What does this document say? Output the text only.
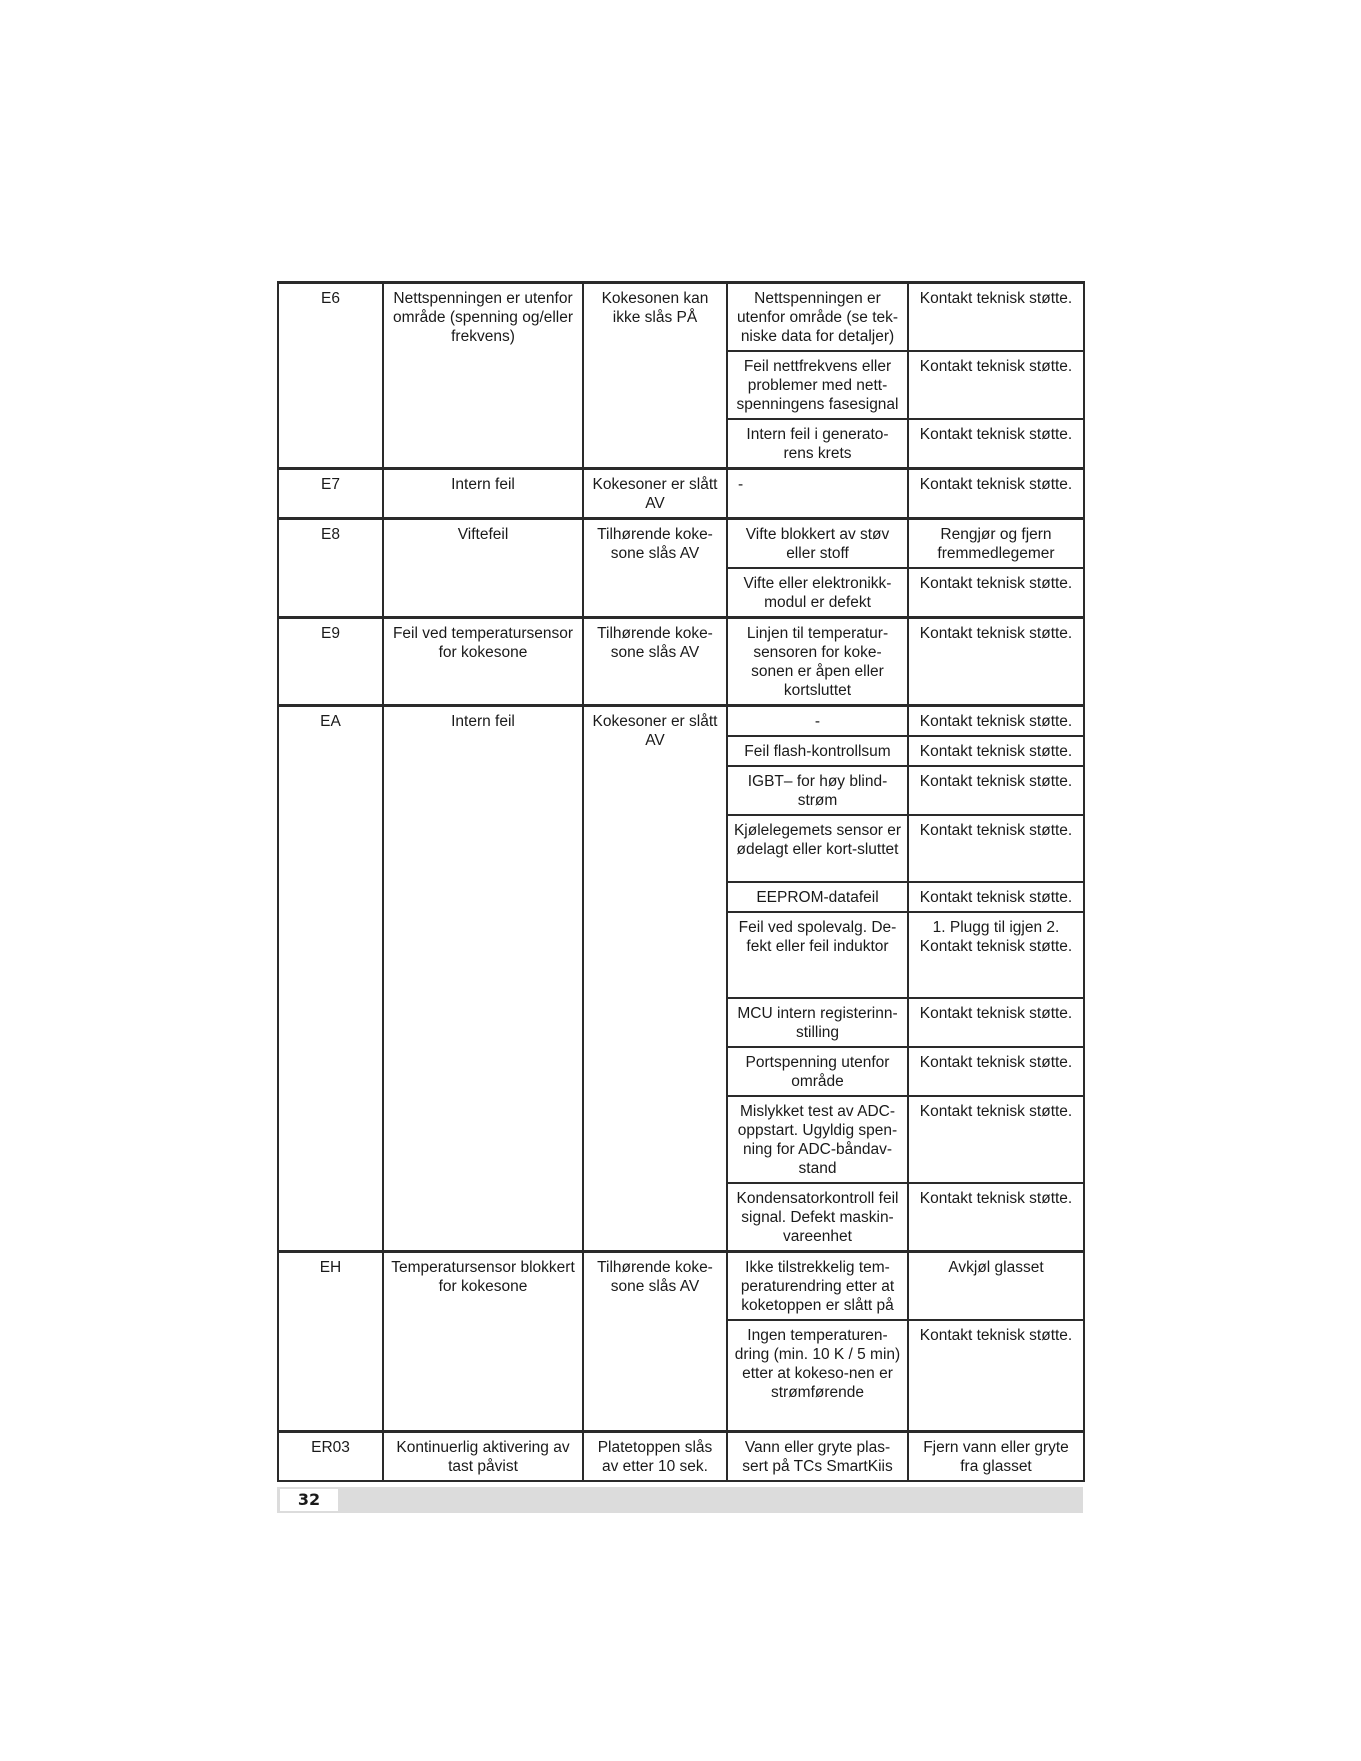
E6	Nettspenningen er utenfor område (spenning og/eller frekvens)	Kokesonen kan ikke slås PÅ	Nettspenningen er utenfor område (se tek-niske data for detaljer)	Kontakt teknisk støtte.
			Feil nettfrekvens eller problemer med nett-spenningens fasesignal	Kontakt teknisk støtte.
			Intern feil i generato-rens krets	Kontakt teknisk støtte.
E7	Intern feil	Kokesoner er slått AV	-	Kontakt teknisk støtte.
E8	Viftefeil	Tilhørende koke-sone slås AV	Vifte blokkert av støv eller stoff	Rengjør og fjern fremmedlegemer
			Vifte eller elektronikk-modul er defekt	Kontakt teknisk støtte.
E9	Feil ved temperatursensor for kokesone	Tilhørende koke-sone slås AV	Linjen til temperatur-sensoren for koke-sonen er åpen eller kortsluttet	Kontakt teknisk støtte.
EA	Intern feil	Kokesoner er slått AV	-	Kontakt teknisk støtte.
			Feil flash-kontrollsum	Kontakt teknisk støtte.
			IGBT– for høy blind-strøm	Kontakt teknisk støtte.
			Kjølelegemets sensor er ødelagt eller kort-sluttet	Kontakt teknisk støtte.
			EEPROM-datafeil	Kontakt teknisk støtte.
			Feil ved spolevalg. De-fekt eller feil induktor	1. Plugg til igjen 2. Kontakt teknisk støtte.
			MCU intern registerinn-stilling	Kontakt teknisk støtte.
			Portspenning utenfor område	Kontakt teknisk støtte.
			Mislykket test av ADC-oppstart. Ugyldig spen-ning for ADC-båndav-stand	Kontakt teknisk støtte.
			Kondensatorkontroll feil signal. Defekt maskin-vareenhet	Kontakt teknisk støtte.
EH	Temperatursensor blokkert for kokesone	Tilhørende koke-sone slås AV	Ikke tilstrekkelig tem-peraturendring etter at koketoppen er slått på	Avkjøl glasset
			Ingen temperaturen-dring (min. 10 K / 5 min) etter at kokeso-nen er strømførende	Kontakt teknisk støtte.
ER03	Kontinuerlig aktivering av tast påvist	Platetoppen slås av etter 10 sek.	Vann eller gryte plas-sert på TCs SmartKiis	Fjern vann eller gryte fra glasset
32
